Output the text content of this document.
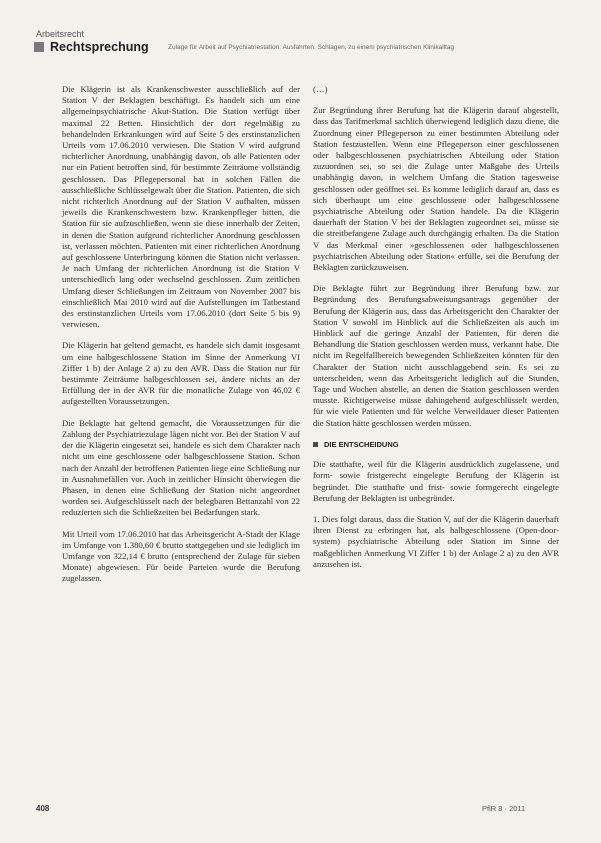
Arbeitsrecht
Rechtsprechung	Zulage für Arbeit auf Psychiatriestation: Ausfahrten. Schlagen, zu einem psychiatrischen Klinikalltag

Die Klägerin ist als Krankenschwester ausschließlich auf der Station V der Beklagten beschäftigt. Es handelt sich um eine allgemeinpsychiatrische Akut-Station. Die Station verfügt über maximal 22 Betten. Hinsichtlich der dort regelmäßig zu behandelnden Erkrankungen wird auf Seite 5 des erstinstanzlichen Urteils vom 17.06.2010 verwiesen. Die Station V wird aufgrund richterlicher Anordnung, unabhängig davon, ob alle Patienten oder nur ein Patient betroffen sind, für bestimmte Zeiträume vollständig geschlossen. Das Pflegepersonal hat in solchen Fällen die ausschließliche Schlüsselgewalt über die Station. Patienten, die sich nicht richterlich Anordnung auf der Station V aufhalten, müssen jeweils die Krankenschwestern bzw. Krankenpfleger bitten, die Station für sie aufzuschließen, wenn sie diese innerhalb der Zeiten, in denen die Station aufgrund richterlicher Anordnung geschlossen ist, verlassen möchten. Patienten mit einer richterlichen Anordnung auf geschlossene Unterbringung können die Station nicht verlassen. Je nach Umfang der richterlichen Anordnung ist die Station V unterschiedlich lang oder wechselnd geschlossen. Zum zeitlichen Umfang dieser Schließungen im Zeitraum von November 2007 bis einschließlich Mai 2010 wird auf die Aufstellungen im Tatbestand des erstinstanzlichen Urteils vom 17.06.2010 (dort Seite 5 bis 9) verwiesen.

Die Klägerin hat geltend gemacht, es handele sich damit insgesamt um eine halbgeschlossene Station im Sinne der Anmerkung VI Ziffer 1 b) der Anlage 2 a) zu den AVR. Dass die Station nur für bestimmte Zeiträume halbgeschlossen sei, ändere nichts an der Erfüllung der in der AVR für die monatliche Zulage von 46,02 € aufgestellten Voraussetzungen.

Die Beklagte hat geltend gemacht, die Voraussetzungen für die Zahlung der Psychiatriezulage lägen nicht vor. Bei der Station V auf der die Klägerin eingesetzt sei, handele es sich dem Charakter nach nicht um eine geschlossene oder halbgeschlossene Station. Schon nach der Anzahl der betroffenen Patienten liege eine Schließung nur in Ausnahmefällen vor. Auch in zeitlicher Hinsicht überwiegen die Phasen, in denen eine Schließung der Station nicht angeordnet worden sei. Aufgeschlüsselt nach der belegbaren Bettanzahl von 22 reduzierten sich die Schließzeiten bei Bedarfungen stark.

Mit Urteil vom 17.06.2010 hat das Arbeitsgericht A-Stadt der Klage im Umfange von 1.380,60 € brutto stattgegeben und sie lediglich im Umfange von 322,14 € brutto (entsprechend der Zulage für sieben Monate) abgewiesen. Für beide Parteien wurde die Berufung zugelassen.

(…)

Zur Begründung ihrer Berufung hat die Klägerin darauf abgestellt, dass das Tarifmerkmal sachlich überwiegend lediglich dazu diene, die Zuordnung einer Pflegeperson zu einer bestimmten Abteilung oder Station festzustellen. Wenn eine Pflegeperson einer geschlossenen oder halbgeschlossenen psychiatrischen Abteilung oder Station zuzuordnen sei, so sei die Zulage unter Maßgabe des Urteils unabhängig davon, in welchem Umfang die Station tagesweise geschlossen oder geöffnet sei. Es komme lediglich darauf an, dass es sich überhaupt um eine geschlossene oder halbgeschlossene psychiatrische Abteilung oder Station handele. Da die Klägerin dauerhaft der Station V bei der Beklagten zugeordnet sei, müsse sie die streitbefangene Zulage auch durchgängig erhalten. Da die Station V das Merkmal einer »geschlossenen oder halbgeschlossenen psychiatrischen Abteilung oder Station« erfülle, sei die Berufung der Beklagten zurückzuweisen.

Die Beklagte führt zur Begründung ihrer Berufung bzw. zur Begründung des Berufungsabweisungsantrags gegenüber der Berufung der Klägerin aus, dass das Arbeitsgericht den Charakter der Station V sowohl im Hinblick auf die Schließzeiten als auch im Hinblick auf die geringe Anzahl der Patienten, für deren die Behandlung die Station geschlossen werden muss, verkannt habe. Die nicht im Regelfallbereich bewegenden Schließzeiten könnten für den Charakter der Station nicht ausschlaggebend sein. Es sei zu unterscheiden, wenn das Arbeitsgericht lediglich auf die Stunden, Tage und Wochen abstelle, an denen die Station geschlossen werden musste. Richtigerweise müsse dahingehend aufgeschlüsselt werden, für wie viele Patienten und für welche Verweildauer dieser Patienten die Station hätte geschlossen werden müssen.

DIE ENTSCHEIDUNG

Die statthafte, weil für die Klägerin ausdrücklich zugelassene, und form- sowie fristgerecht eingelegte Berufung der Klägerin ist begründet. Die statthafte und frist- sowie formgerecht eingelegte Berufung der Beklagten ist unbegründet.

1. Dies folgt daraus, dass die Station V, auf der die Klägerin dauerhaft ihren Dienst zu erbringen hat, als halbgeschlossene (Open-door-system) psychiatrische Abteilung oder Station im Sinne der maßgeblichen Anmerkung VI Ziffer 1 b) der Anlage 2 a) zu den AVR anzusehen ist.

408	PflR 8 · 2011
